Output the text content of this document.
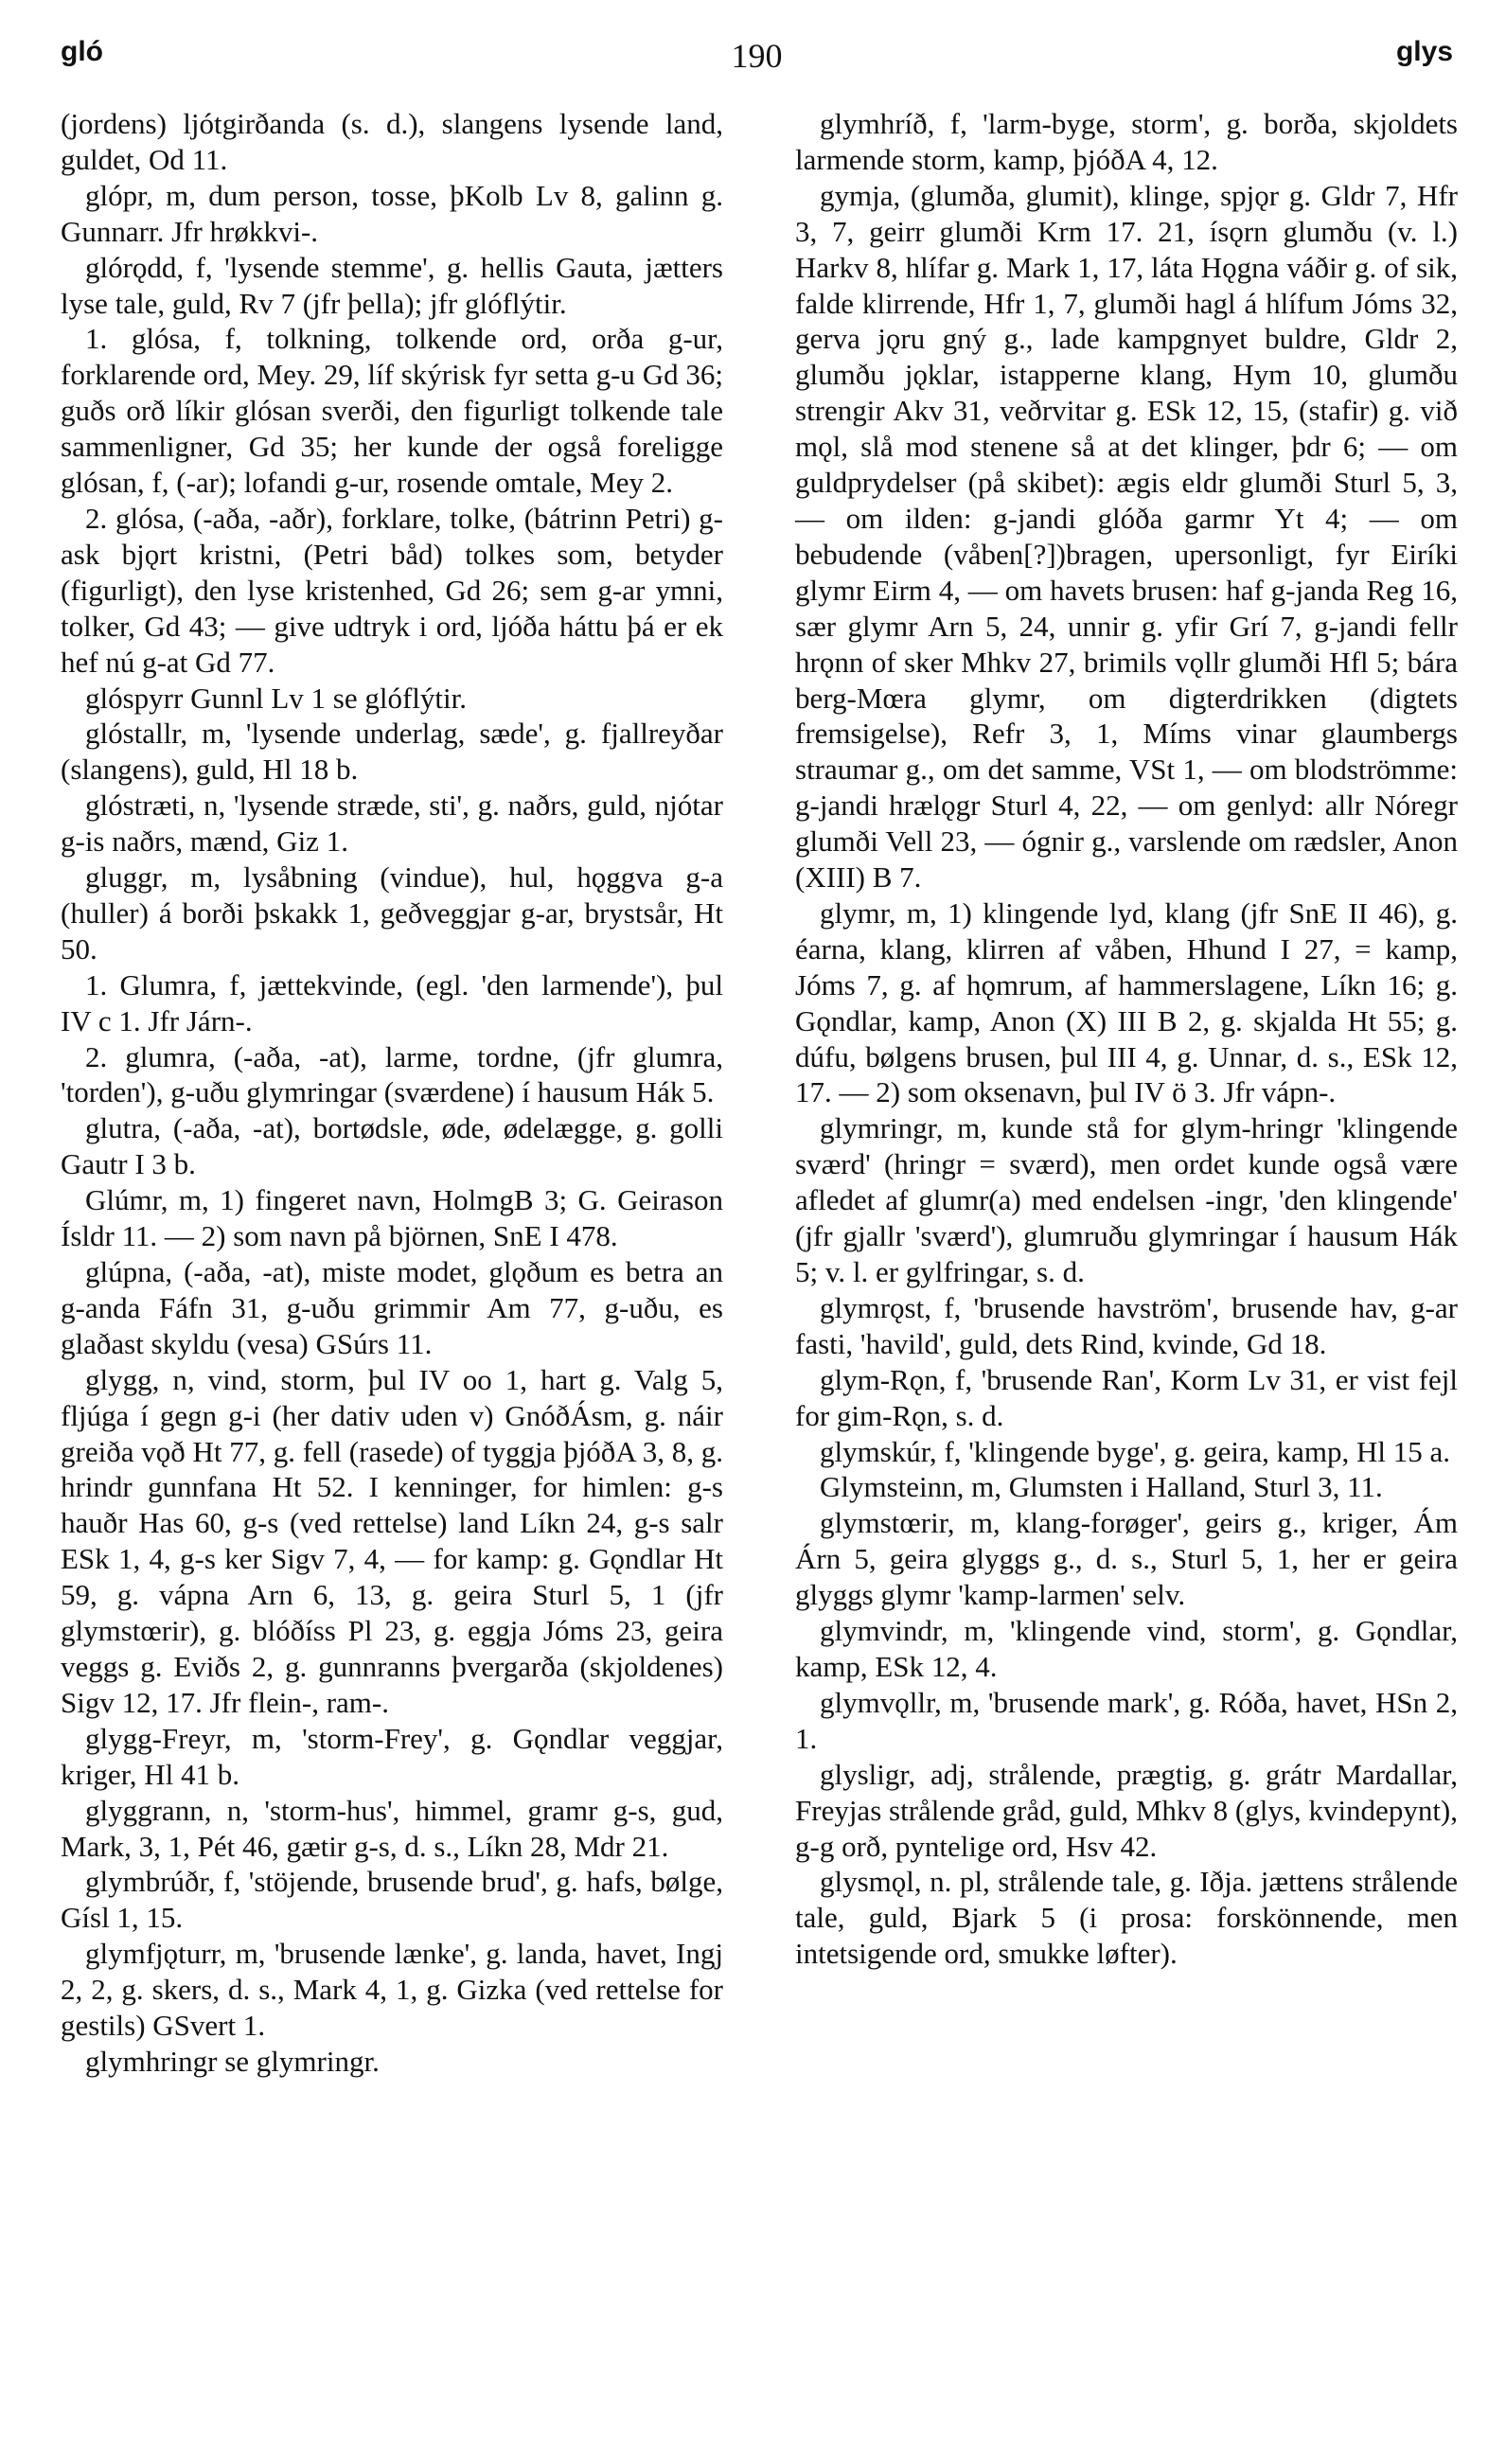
gló	190	glys

(jordens) ljótgirðanda (s. d.), slangens lysende land, guldet, Od 11.

glópr, m, dum person, tosse, þKolb Lv 8, galinn g. Gunnarr. Jfr hrøkkvi-.

glórǫdd, f, 'lysende stemme', g. hellis Gauta, jætters lyse tale, guld, Rv 7 (jfr þella); jfr glóflýtir.

1. glósa, f, tolkning, tolkende ord, orða g-ur, forklarende ord, Mey. 29, líf skýrisk fyr setta g-u Gd 36; guðs orð líkir glósan sverði, den figurligt tolkende tale sammenligner, Gd 35; her kunde der også foreligge glósan, f, (-ar); lofandi g-ur, rosende omtale, Mey 2.

2. glósa, (-aða, -aðr), forklare, tolke, (bátrinn Petri) g-ask bjǫrt kristni, (Petri båd) tolkes som, betyder (figurligt), den lyse kristenhed, Gd 26; sem g-ar ymni, tolker, Gd 43; — give udtryk i ord, ljóða háttu þá er ek hef nú g-at Gd 77.

glóspyrr Gunnl Lv 1 se glóflýtir.

glóstallr, m, 'lysende underlag, sæde', g. fjallreyðar (slangens), guld, Hl 18 b.

glóstræti, n, 'lysende stræde, sti', g. naðrs, guld, njótar g-is naðrs, mænd, Giz 1.

gluggr, m, lysåbning (vindue), hul, hǫggva g-a (huller) á borði þskakk 1, geðveggjar g-ar, brystsår, Ht 50.

1. Glumra, f, jættekvinde, (egl. 'den larmende'), þul IV c 1. Jfr Járn-.

2. glumra, (-aða, -at), larme, tordne, (jfr glumra, 'torden'), g-uðu glymringar (sværdene) í hausum Hák 5.

glutra, (-aða, -at), bortødsle, øde, ødelægge, g. golli Gautr I 3 b.

Glúmr, m, 1) fingeret navn, HolmgB 3; G. Geirason Ísldr 11. — 2) som navn på björnen, SnE I 478.

glúpna, (-aða, -at), miste modet, glǫðum es betra an g-anda Fáfn 31, g-uðu grimmir Am 77, g-uðu, es glaðast skyldu (vesa) GSúrs 11.

glygg, n, vind, storm, þul IV oo 1, hart g. Valg 5, fljúga í gegn g-i (her dativ uden v) GnóðÁsm, g. náir greiða vǫð Ht 77, g. fell (rasede) of tyggja þjóðA 3, 8, g. hrindr gunnfana Ht 52. I kenninger, for himlen: g-s hauðr Has 60, g-s (ved rettelse) land Líkn 24, g-s salr ESk 1, 4, g-s ker Sigv 7, 4, — for kamp: g. Gǫndlar Ht 59, g. vápna Arn 6, 13, g. geira Sturl 5, 1 (jfr glymstœrir), g. blóðíss Pl 23, g. eggja Jóms 23, geira veggs g. Eviðs 2, g. gunnranns þvergarða (skjoldenes) Sigv 12, 17. Jfr flein-, ram-.

glygg-Freyr, m, 'storm-Frey', g. Gǫndlar veggjar, kriger, Hl 41 b.

glyggrann, n, 'storm-hus', himmel, gramr g-s, gud, Mark, 3, 1, Pét 46, gætir g-s, d. s., Líkn 28, Mdr 21.

glymbrúðr, f, 'stöjende, brusende brud', g. hafs, bølge, Gísl 1, 15.

glymfjǫturr, m, 'brusende lænke', g. landa, havet, Ingj 2, 2, g. skers, d. s., Mark 4, 1, g. Gizka (ved rettelse for gestils) GSvert 1.

glymhringr se glymringr.

glymhríð, f, 'larm-byge, storm', g. borða, skjoldets larmende storm, kamp, þjóðA 4, 12.

gymja, (glumða, glumit), klinge, spjǫr g. Gldr 7, Hfr 3, 7, geirr glumði Krm 17. 21, ísǫrn glumðu (v. l.) Harkv 8, hlífar g. Mark 1, 17, láta Hǫgna váðir g. of sik, falde klirrende, Hfr 1, 7, glumði hagl á hlífum Jóms 32, gerva jǫru gný g., lade kampgnyet buldre, Gldr 2, glumðu jǫklar, istapperne klang, Hym 10, glumðu strengir Akv 31, veðrvitar g. ESk 12, 15, (stafir) g. við mǫl, slå mod stenene så at det klinger, þdr 6; — om guldprydelser (på skibet): ægis eldr glumði Sturl 5, 3, — om ilden: g-jandi glóða garmr Yt 4; — om bebudende (våben[?])bragen, upersonligt, fyr Eiríki glymr Eirm 4, — om havets brusen: haf g-janda Reg 16, sær glymr Arn 5, 24, unnir g. yfir Grí 7, g-jandi fellr hrǫnn of sker Mhkv 27, brimils vǫllr glumði Hfl 5; bára berg-Mœra glymr, om digterdrikken (digtets fremsigelse), Refr 3, 1, Míms vinar glaumbergs straumar g., om det samme, VSt 1, — om blodströmme: g-jandi hrælǫgr Sturl 4, 22, — om genlyd: allr Nóregr glumði Vell 23, — ógnir g., varslende om rædsler, Anon (XIII) B 7.

glymr, m, 1) klingende lyd, klang (jfr SnE II 46), g. éarna, klang, klirren af våben, Hhund I 27, = kamp, Jóms 7, g. af hǫmrum, af hammerslagene, Líkn 16; g. Gǫndlar, kamp, Anon (X) III B 2, g. skjalda Ht 55; g. dúfu, bølgens brusen, þul III 4, g. Unnar, d. s., ESk 12, 17. — 2) som oksenavn, þul IV ö 3. Jfr vápn-.

glymringr, m, kunde stå for glym-hringr 'klingende sværd' (hringr = sværd), men ordet kunde også være afledet af glumr(a) med endelsen -ingr, 'den klingende' (jfr gjallr 'sværd'), glumruðu glymringar í hausum Hák 5; v. l. er gylfringar, s. d.

glymrǫst, f, 'brusende havström', brusende hav, g-ar fasti, 'havild', guld, dets Rind, kvinde, Gd 18.

glym-Rǫn, f, 'brusende Ran', Korm Lv 31, er vist fejl for gim-Rǫn, s. d.

glymskúr, f, 'klingende byge', g. geira, kamp, Hl 15 a.

Glymsteinn, m, Glumsten i Halland, Sturl 3, 11.

glymstœrir, m, klang-forøger', geirs g., kriger, Ám Árn 5, geira glyggs g., d. s., Sturl 5, 1, her er geira glyggs glymr 'kamp-larmen' selv.

glymvindr, m, 'klingende vind, storm', g. Gǫndlar, kamp, ESk 12, 4.

glymvǫllr, m, 'brusende mark', g. Róða, havet, HSn 2, 1.

glysligr, adj, strålende, prægtig, g. grátr Mardallar, Freyjas strålende gråd, guld, Mhkv 8 (glys, kvindepynt), g-g orð, pyntelige ord, Hsv 42.

glysmǫl, n. pl, strålende tale, g. Iðja. jættens strålende tale, guld, Bjark 5 (i prosa: forskönnende, men intetsigende ord, smukke løfter).
